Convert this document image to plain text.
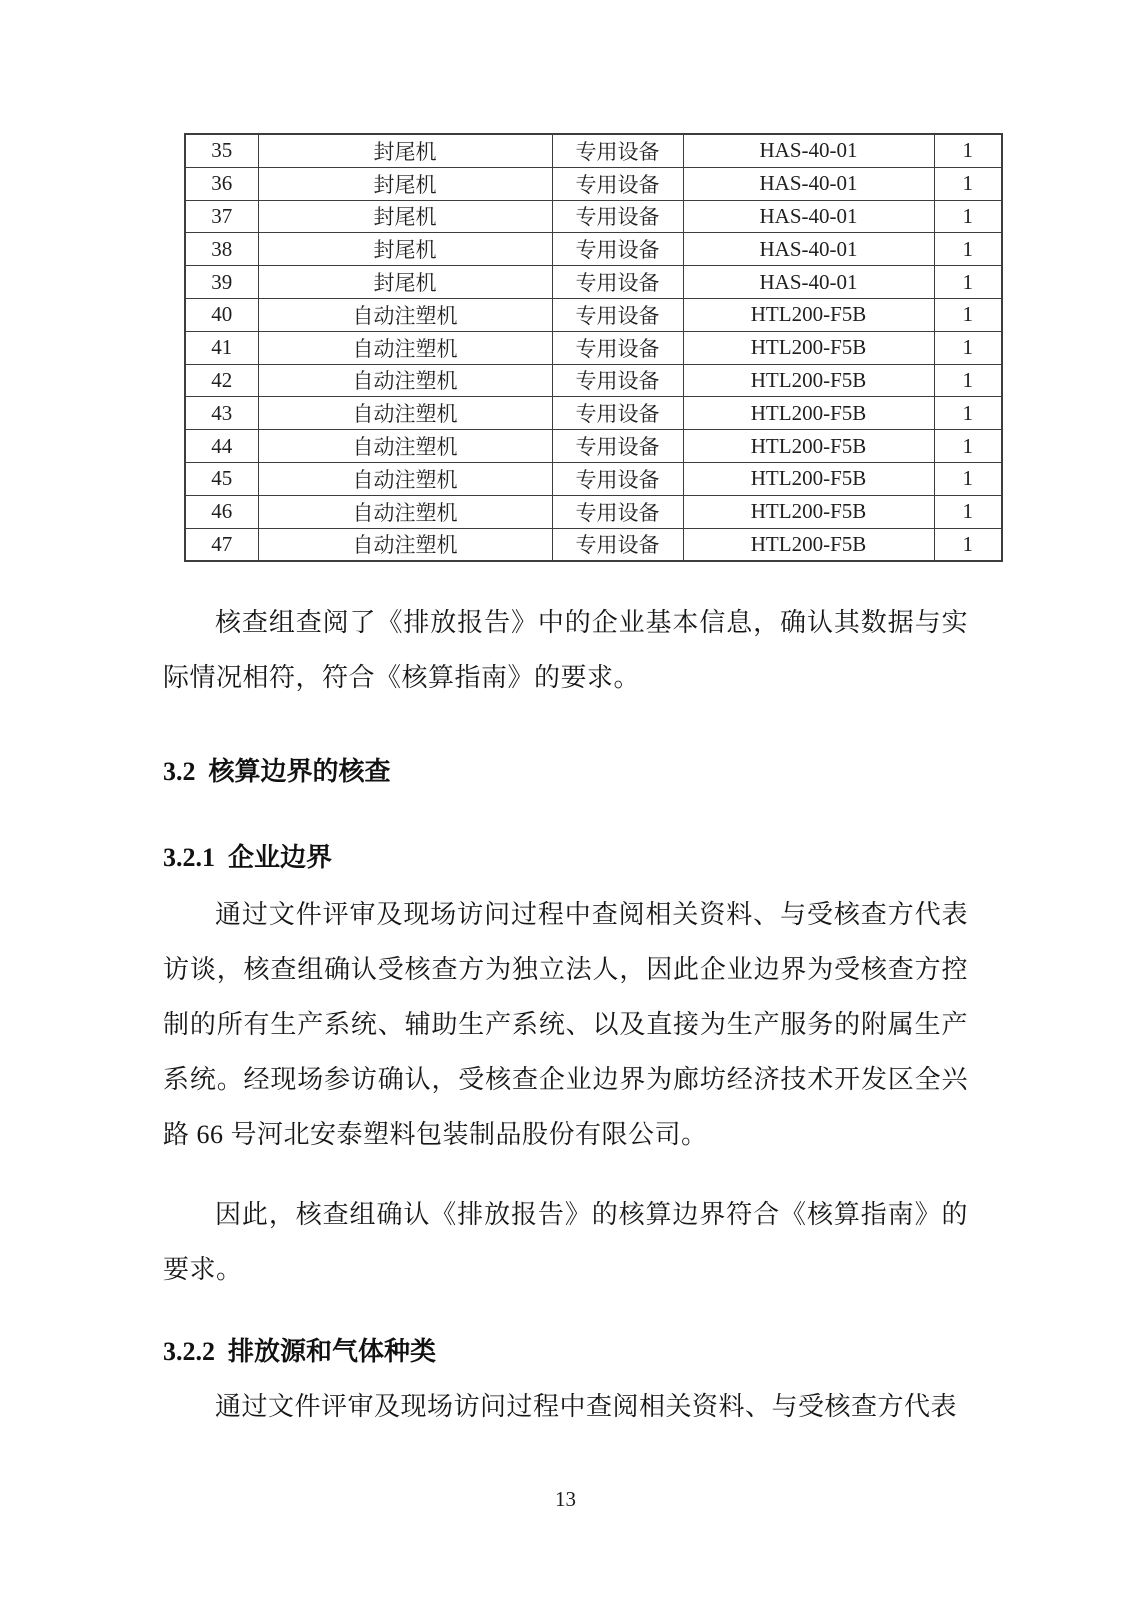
35	封尾机	专用设备	HAS-40-01	1
36	封尾机	专用设备	HAS-40-01	1
37	封尾机	专用设备	HAS-40-01	1
38	封尾机	专用设备	HAS-40-01	1
39	封尾机	专用设备	HAS-40-01	1
40	自动注塑机	专用设备	HTL200-F5B	1
41	自动注塑机	专用设备	HTL200-F5B	1
42	自动注塑机	专用设备	HTL200-F5B	1
43	自动注塑机	专用设备	HTL200-F5B	1
44	自动注塑机	专用设备	HTL200-F5B	1
45	自动注塑机	专用设备	HTL200-F5B	1
46	自动注塑机	专用设备	HTL200-F5B	1
47	自动注塑机	专用设备	HTL200-F5B	1

核查组查阅了《排放报告》中的企业基本信息，确认其数据与实际情况相符，符合《核算指南》的要求。

3.2  核算边界的核查
3.2.1  企业边界

通过文件评审及现场访问过程中查阅相关资料、与受核查方代表访谈，核查组确认受核查方为独立法人，因此企业边界为受核查方控制的所有生产系统、辅助生产系统、以及直接为生产服务的附属生产系统。经现场参访确认，受核查企业边界为廊坊经济技术开发区全兴路 66 号河北安泰塑料包装制品股份有限公司。

因此，核查组确认《排放报告》的核算边界符合《核算指南》的要求。

3.2.2  排放源和气体种类

通过文件评审及现场访问过程中查阅相关资料、与受核查方代表

13
